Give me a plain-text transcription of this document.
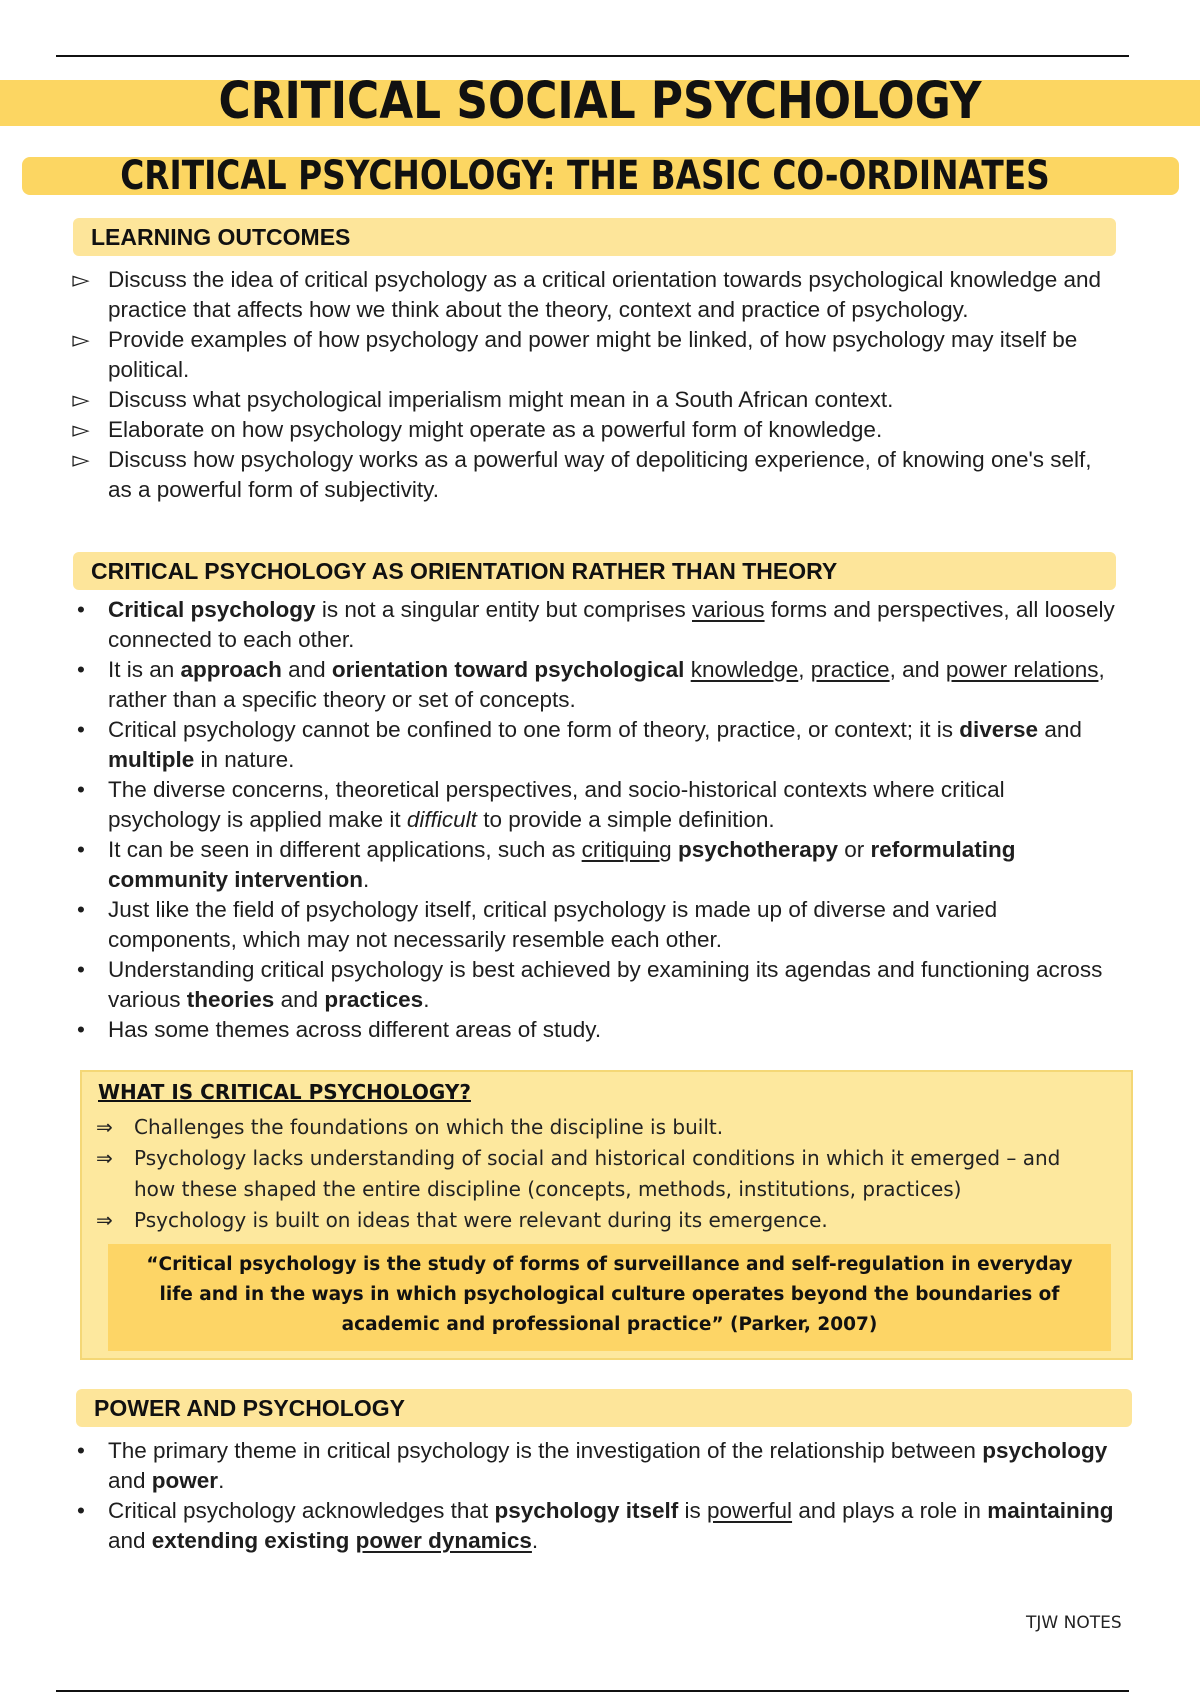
CRITICAL SOCIAL PSYCHOLOGY
CRITICAL PSYCHOLOGY: THE BASIC CO-ORDINATES
LEARNING OUTCOMES
▻ Discuss the idea of critical psychology as a critical orientation towards psychological knowledge and practice that affects how we think about the theory, context and practice of psychology.
▻ Provide examples of how psychology and power might be linked, of how psychology may itself be political.
▻ Discuss what psychological imperialism might mean in a South African context.
▻ Elaborate on how psychology might operate as a powerful form of knowledge.
▻ Discuss how psychology works as a powerful way of depoliticing experience, of knowing one's self, as a powerful form of subjectivity.
CRITICAL PSYCHOLOGY AS ORIENTATION RATHER THAN THEORY
• Critical psychology is not a singular entity but comprises various forms and perspectives, all loosely connected to each other.
• It is an approach and orientation toward psychological knowledge, practice, and power relations, rather than a specific theory or set of concepts.
• Critical psychology cannot be confined to one form of theory, practice, or context; it is diverse and multiple in nature.
• The diverse concerns, theoretical perspectives, and socio-historical contexts where critical psychology is applied make it difficult to provide a simple definition.
• It can be seen in different applications, such as critiquing psychotherapy or reformulating community intervention.
• Just like the field of psychology itself, critical psychology is made up of diverse and varied components, which may not necessarily resemble each other.
• Understanding critical psychology is best achieved by examining its agendas and functioning across various theories and practices.
• Has some themes across different areas of study.
WHAT IS CRITICAL PSYCHOLOGY?
⇒ Challenges the foundations on which the discipline is built.
⇒ Psychology lacks understanding of social and historical conditions in which it emerged – and how these shaped the entire discipline (concepts, methods, institutions, practices)
⇒ Psychology is built on ideas that were relevant during its emergence.

“Critical psychology is the study of forms of surveillance and self-regulation in everyday life and in the ways in which psychological culture operates beyond the boundaries of academic and professional practice” (Parker, 2007)

POWER AND PSYCHOLOGY
• The primary theme in critical psychology is the investigation of the relationship between psychology and power.
• Critical psychology acknowledges that psychology itself is powerful and plays a role in maintaining and extending existing power dynamics.
TJW NOTES
